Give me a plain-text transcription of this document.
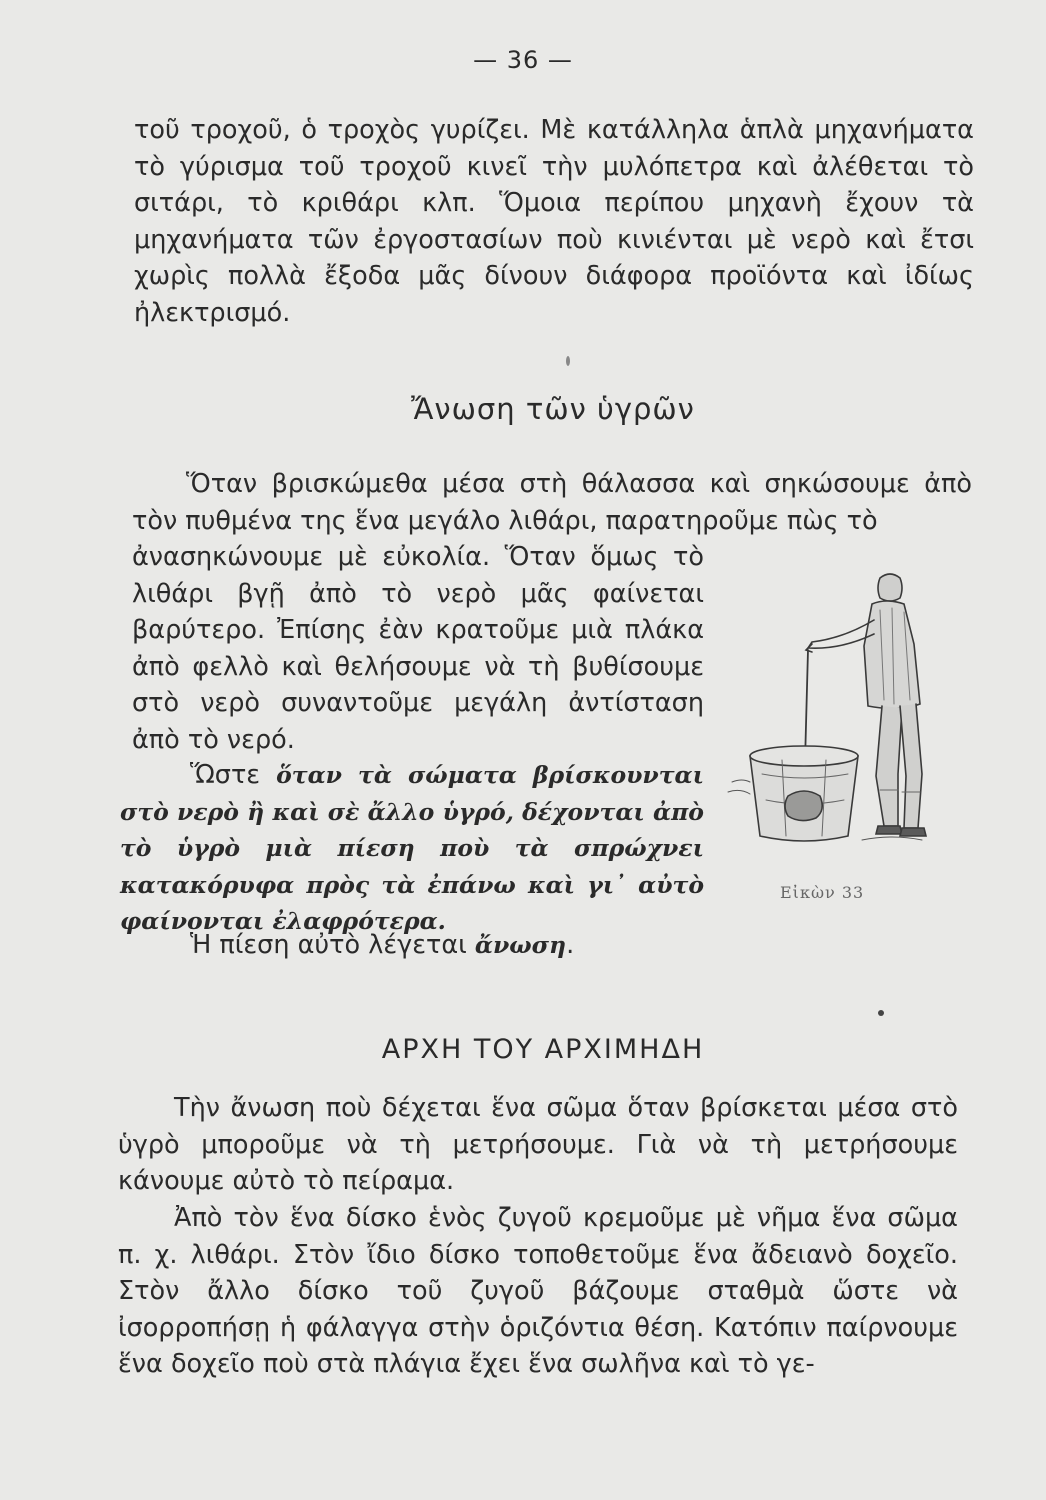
— 36 —
τοῦ τροχοῦ, ὁ τροχὸς γυρίζει. Μὲ κατάλληλα ἁπλὰ μηχανήματα τὸ γύρισμα τοῦ τροχοῦ κινεῖ τὴν μυλόπετρα καὶ ἀλέθεται τὸ σιτάρι, τὸ κριθάρι κλπ. Ὅμοια περίπου μηχανὴ ἔχουν τὰ μηχανήματα τῶν ἐργοστασίων ποὺ κινιένται μὲ νερὸ καὶ ἔτσι χωρὶς πολλὰ ἔξοδα μᾶς δίνουν διάφορα προϊόντα καὶ ἰδίως ἠλεκτρισμό.
Ἄνωση τῶν ὑγρῶν
Ὅταν βρισκώμεθα μέσα στὴ θάλασσα καὶ σηκώσουμε ἀπὸ τὸν πυθμένα της ἕνα μεγάλο λιθάρι, παρατηροῦμε πὼς τὸ
ἀνασηκώνουμε μὲ εὐκολία. Ὅταν ὅμως τὸ λιθάρι βγῇ ἀπὸ τὸ νερὸ μᾶς φαίνεται βαρύτερο. Ἐπίσης ἐὰν κρατοῦμε μιὰ πλάκα ἀπὸ φελλὸ καὶ θελήσουμε νὰ τὴ βυθίσουμε στὸ νερὸ συναντοῦμε μεγάλη ἀντίσταση ἀπὸ τὸ νερό.
Ὥστε ὅταν τὰ σώματα βρίσκουνται στὸ νερὸ ἢ καὶ σὲ ἄλλο ὑγρό, δέχονται ἀπὸ τὸ ὑγρὸ μιὰ πίεση ποὺ τὰ σπρώχνει κατακόρυφα πρὸς τὰ ἐπάνω καὶ γι᾽ αὐτὸ φαίνονται ἐλαφρότερα.
Ἡ πίεση αὐτὸ λέγεται ἄνωση.
Εἰκὼν 33
ΑΡΧΗ ΤΟΥ ΑΡΧΙΜΗΔΗ
Τὴν ἄνωση ποὺ δέχεται ἕνα σῶμα ὅταν βρίσκεται μέσα στὸ ὑγρὸ μποροῦμε νὰ τὴ μετρήσουμε. Γιὰ νὰ τὴ μετρήσουμε κάνουμε αὐτὸ τὸ πείραμα.
Ἀπὸ τὸν ἕνα δίσκο ἑνὸς ζυγοῦ κρεμοῦμε μὲ νῆμα ἕνα σῶμα π. χ. λιθάρι. Στὸν ἴδιο δίσκο τοποθετοῦμε ἕνα ἄδειανὸ δοχεῖο. Στὸν ἄλλο δίσκο τοῦ ζυγοῦ βάζουμε σταθμὰ ὥστε νὰ ἰσορροπήσῃ ἡ φάλαγγα στὴν ὁριζόντια θέση. Κατόπιν παίρνουμε ἕνα δοχεῖο ποὺ στὰ πλάγια ἔχει ἕνα σωλῆνα καὶ τὸ γε-
